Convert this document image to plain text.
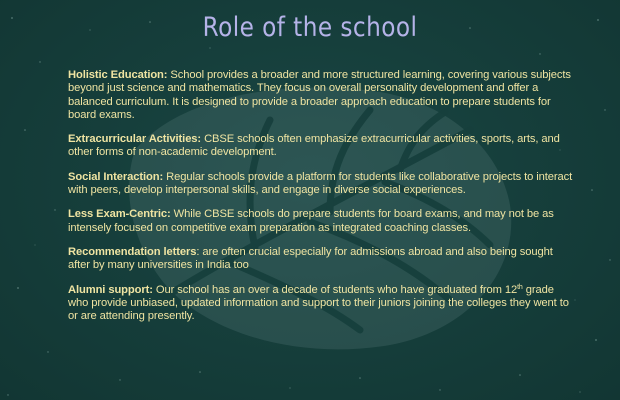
Role of the school

Holistic Education: School provides a broader and more structured learning, covering various subjects beyond just science and mathematics. They focus on overall personality development and offer a balanced curriculum. It is designed to provide a broader approach education to prepare students for board exams.

Extracurricular Activities: CBSE schools often emphasize extracurricular activities, sports, arts, and other forms of non-academic development.

Social Interaction: Regular schools provide a platform for students like collaborative projects to interact with peers, develop interpersonal skills, and engage in diverse social experiences.

Less Exam-Centric: While CBSE schools do prepare students for board exams, and may not be as intensely focused on competitive exam preparation as integrated coaching classes.

Recommendation letters: are often crucial especially for admissions abroad and also being sought after by many universities in India too

Alumni support: Our school has an over a decade of students who have graduated from 12th grade who provide unbiased, updated information and support to their juniors joining the colleges they went to or are attending presently.
